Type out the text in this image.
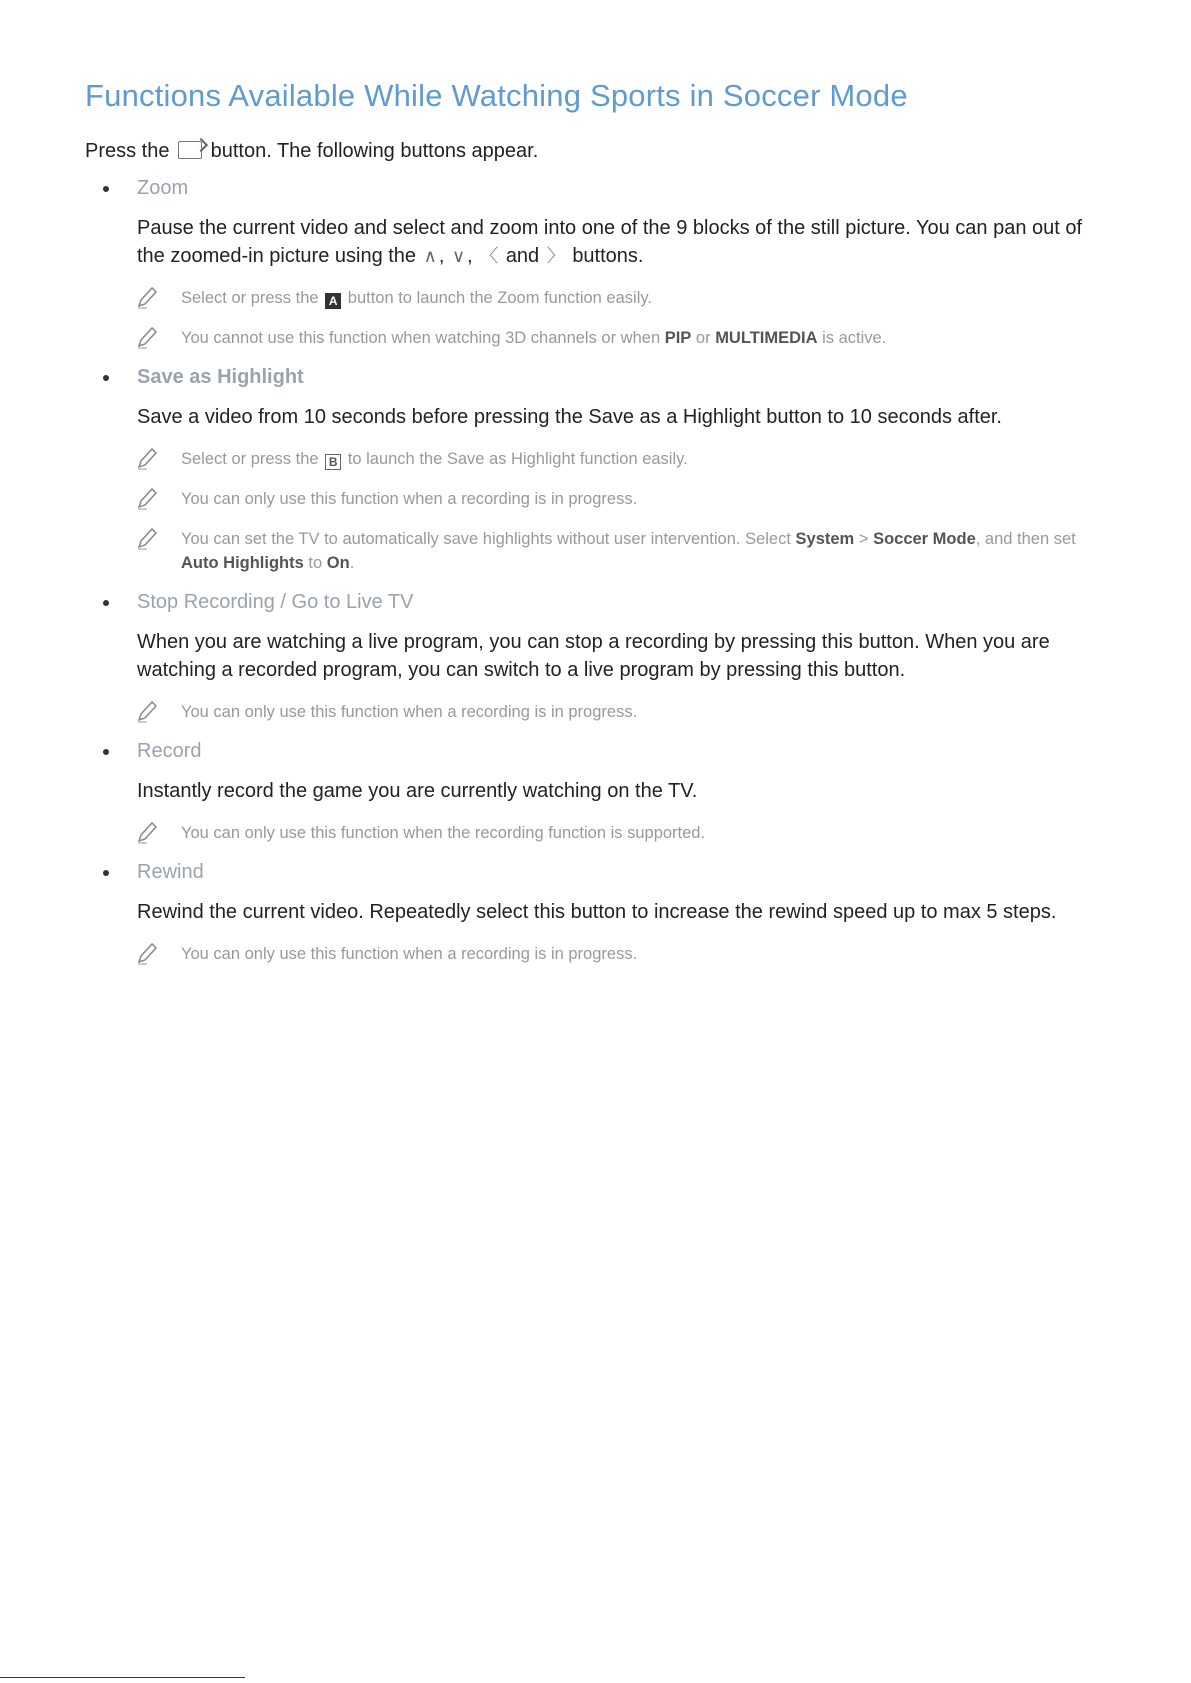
Functions Available While Watching Sports in Soccer Mode

Press the button. The following buttons appear.

Zoom

Pause the current video and select and zoom into one of the 9 blocks of the still picture. You can pan out of the zoomed-in picture using the ∧ , ∨ , 〈 and 〉 buttons.

Select or press the A button to launch the Zoom function easily.

You cannot use this function when watching 3D channels or when PIP or MULTIMEDIA is active.

Save as Highlight

Save a video from 10 seconds before pressing the Save as a Highlight button to 10 seconds after.

Select or press the B to launch the Save as Highlight function easily.

You can only use this function when a recording is in progress.

You can set the TV to automatically save highlights without user intervention. Select System > Soccer Mode, and then set Auto Highlights to On.

Stop Recording / Go to Live TV

When you are watching a live program, you can stop a recording by pressing this button. When you are watching a recorded program, you can switch to a live program by pressing this button.

You can only use this function when a recording is in progress.

Record

Instantly record the game you are currently watching on the TV.

You can only use this function when the recording function is supported.

Rewind

Rewind the current video. Repeatedly select this button to increase the rewind speed up to max 5 steps.

You can only use this function when a recording is in progress.
